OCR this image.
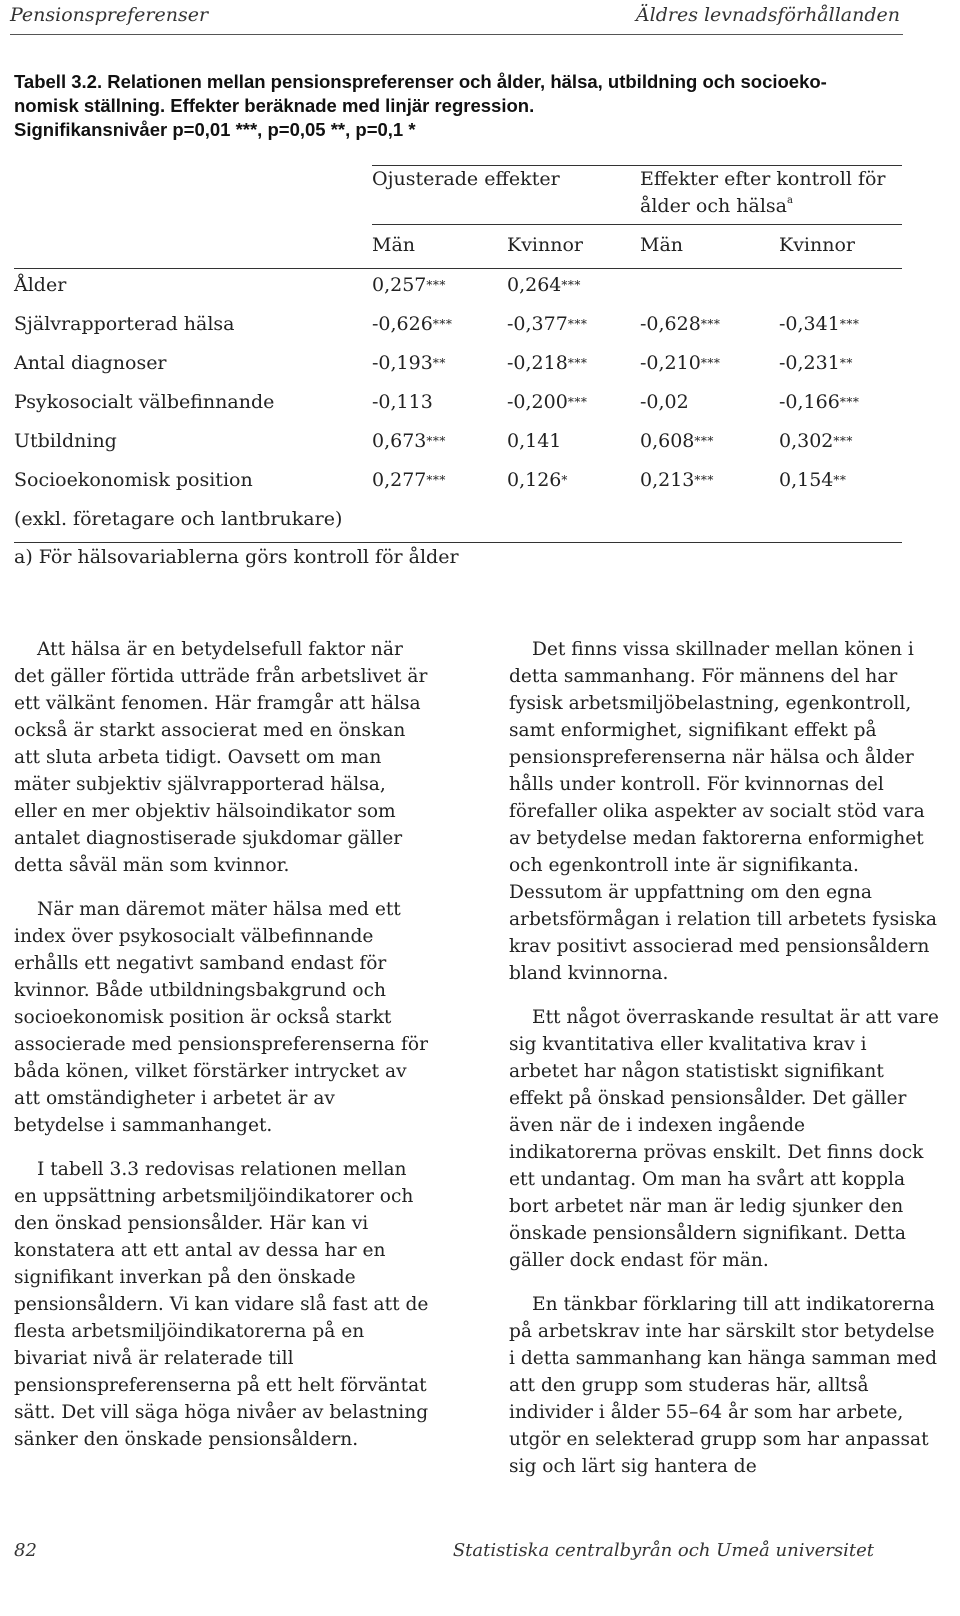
Pensionspreferenser	Äldres levnadsförhållanden
Tabell 3.2. Relationen mellan pensionspreferenser och ålder, hälsa, utbildning och socioeko-
nomisk ställning. Effekter beräknade med linjär regression.
Signifikansnivåer p=0,01 ***, p=0,05 **, p=0,1 *
Ojusterade effekter	Effekter efter kontroll för
ålder och hälsa$^a$
Män	Kvinnor	Män	Kvinnor
Ålder	0,257***	0,264***
Självrapporterad hälsa	-0,626***	-0,377***	-0,628***	-0,341***
Antal diagnoser	-0,193**	-0,218***	-0,210***	-0,231**
Psykosocialt välbefinnande	-0,113	-0,200***	-0,02	-0,166***
Utbildning	0,673***	0,141	0,608***	0,302***
Socioekonomisk position	0,277***	0,126*	0,213***	0,154**
(exkl. företagare och lantbrukare)
a) För hälsovariablerna görs kontroll för ålder

Att hälsa är en betydelsefull faktor när det gäller förtida utträde från arbetslivet är ett välkänt fenomen. Här framgår att hälsa också är starkt associerat med en önskan att sluta arbeta tidigt. Oavsett om man mäter subjektiv självrapporterad hälsa, eller en mer objektiv hälsoindikator som antalet diagnostiserade sjukdomar gäller detta såväl män som kvinnor.

När man däremot mäter hälsa med ett index över psykosocialt välbefinnande erhålls ett negativt samband endast för kvinnor. Både utbildningsbakgrund och socioekonomisk position är också starkt associerade med pensionspreferenserna för båda könen, vilket förstärker intrycket av att omständigheter i arbetet är av betydelse i sammanhanget.

I tabell 3.3 redovisas relationen mellan en uppsättning arbetsmiljöindikatorer och den önskad pensionsålder. Här kan vi konstatera att ett antal av dessa har en signifikant inverkan på den önskade pensionsåldern. Vi kan vidare slå fast att de flesta arbetsmiljöindikatorerna på en bivariat nivå är relaterade till pensionspreferenserna på ett helt förväntat sätt. Det vill säga höga nivåer av belastning sänker den önskade pensionsåldern.

Det finns vissa skillnader mellan könen i detta sammanhang. För männens del har fysisk arbetsmiljöbelastning, egenkontroll, samt enformighet, signifikant effekt på pensionspreferenserna när hälsa och ålder hålls under kontroll. För kvinnornas del förefaller olika aspekter av socialt stöd vara av betydelse medan faktorerna enformighet och egenkontroll inte är signifikanta. Dessutom är uppfattning om den egna arbetsförmågan i relation till arbetets fysiska krav positivt associerad med pensionsåldern bland kvinnorna.

Ett något överraskande resultat är att vare sig kvantitativa eller kvalitativa krav i arbetet har någon statistiskt signifikant effekt på önskad pensionsålder. Det gäller även när de i indexen ingående indikatorerna prövas enskilt. Det finns dock ett undantag. Om man ha svårt att koppla bort arbetet när man är ledig sjunker den önskade pensionsåldern signifikant. Detta gäller dock endast för män.

En tänkbar förklaring till att indikatorerna på arbetskrav inte har särskilt stor betydelse i detta sammanhang kan hänga samman med att den grupp som studeras här, alltså individer i ålder 55–64 år som har arbete, utgör en selekterad grupp som har anpassat sig och lärt sig hantera de

82	Statistiska centralbyrån och Umeå universitet
